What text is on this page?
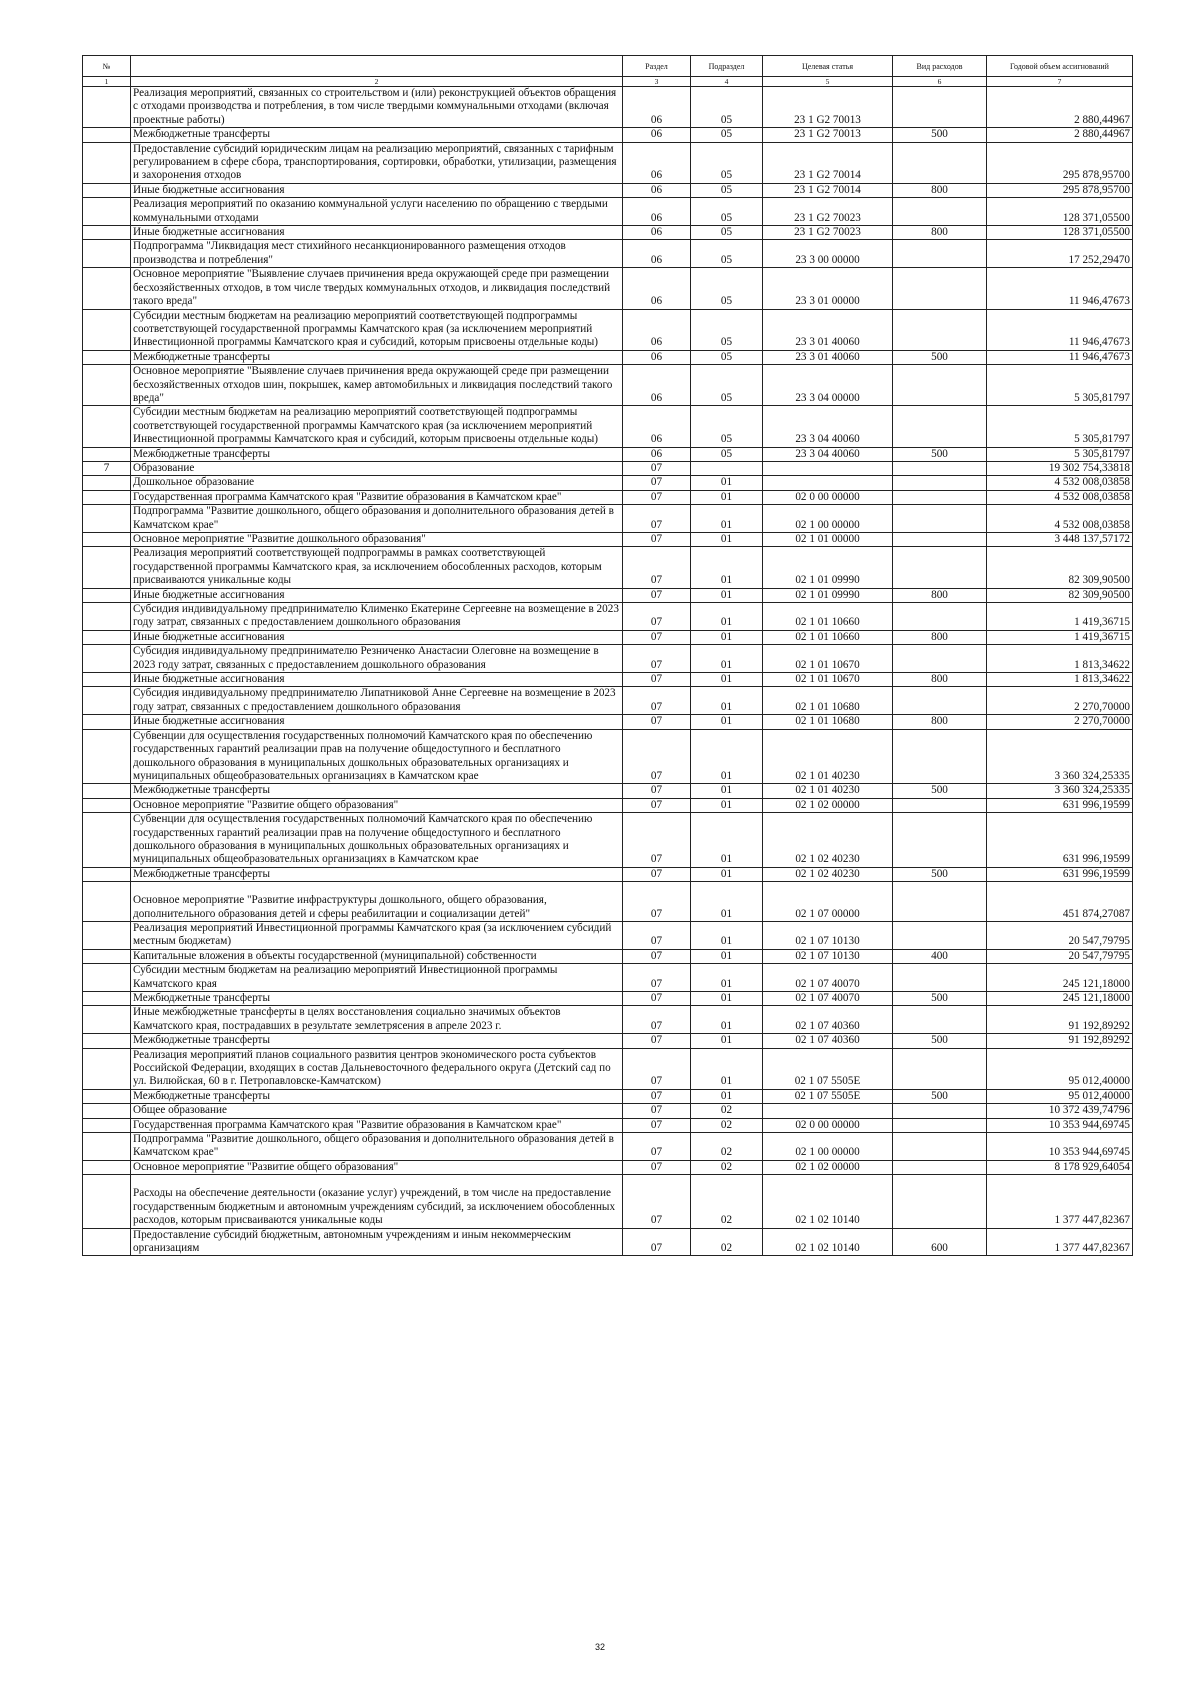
№		Раздел	Подраздел	Целевая статья	Вид расходов	Годовой объем ассигнований
1	2	3	4	5	6	7
	Реализация мероприятий, связанных со строительством и (или) реконструкцией объектов обращения с отходами производства и потребления, в том числе твердыми коммунальными отходами (включая проектные работы)	06	05	23 1 G2 70013		2 880,44967
	Межбюджетные трансферты	06	05	23 1 G2 70013	500	2 880,44967
	Предоставление субсидий юридическим лицам на реализацию мероприятий, связанных с тарифным регулированием в сфере сбора, транспортирования, сортировки, обработки, утилизации, размещения и захоронения отходов	06	05	23 1 G2 70014		295 878,95700
	Иные бюджетные ассигнования	06	05	23 1 G2 70014	800	295 878,95700
	Реализация мероприятий по оказанию коммунальной услуги населению по обращению с твердыми коммунальными отходами	06	05	23 1 G2 70023		128 371,05500
	Иные бюджетные ассигнования	06	05	23 1 G2 70023	800	128 371,05500
	Подпрограмма "Ликвидация мест стихийного несанкционированного размещения отходов производства и потребления"	06	05	23 3 00 00000		17 252,29470
	Основное мероприятие "Выявление случаев причинения вреда окружающей среде при размещении бесхозяйственных отходов, в том числе твердых коммунальных отходов, и ликвидация последствий такого вреда"	06	05	23 3 01 00000		11 946,47673
	Субсидии местным бюджетам на реализацию мероприятий соответствующей подпрограммы соответствующей государственной программы Камчатского края (за исключением мероприятий Инвестиционной программы Камчатского края и субсидий, которым присвоены отдельные коды)	06	05	23 3 01 40060		11 946,47673
	Межбюджетные трансферты	06	05	23 3 01 40060	500	11 946,47673
	Основное мероприятие "Выявление случаев причинения вреда окружающей среде при размещении бесхозяйственных отходов шин, покрышек, камер автомобильных и ликвидация последствий такого вреда"	06	05	23 3 04 00000		5 305,81797
	Субсидии местным бюджетам на реализацию мероприятий соответствующей подпрограммы соответствующей государственной программы Камчатского края (за исключением мероприятий Инвестиционной программы Камчатского края и субсидий, которым присвоены отдельные коды)	06	05	23 3 04 40060		5 305,81797
	Межбюджетные трансферты	06	05	23 3 04 40060	500	5 305,81797
7	Образование	07				19 302 754,33818
	Дошкольное образование	07	01			4 532 008,03858
	Государственная программа Камчатского края "Развитие образования в Камчатском крае"	07	01	02 0 00 00000		4 532 008,03858
	Подпрограмма "Развитие дошкольного, общего образования и дополнительного образования детей в Камчатском крае"	07	01	02 1 00 00000		4 532 008,03858
	Основное мероприятие "Развитие дошкольного образования"	07	01	02 1 01 00000		3 448 137,57172
	Реализация мероприятий соответствующей подпрограммы в рамках соответствующей государственной программы Камчатского края, за исключением обособленных расходов, которым присваиваются уникальные коды	07	01	02 1 01 09990		82 309,90500
	Иные бюджетные ассигнования	07	01	02 1 01 09990	800	82 309,90500
	Субсидия индивидуальному предпринимателю Клименко Екатерине Сергеевне на возмещение в 2023 году затрат, связанных с предоставлением дошкольного образования	07	01	02 1 01 10660		1 419,36715
	Иные бюджетные ассигнования	07	01	02 1 01 10660	800	1 419,36715
	Субсидия индивидуальному предпринимателю Резниченко Анастасии Олеговне на возмещение в 2023 году затрат, связанных с предоставлением дошкольного образования	07	01	02 1 01 10670		1 813,34622
	Иные бюджетные ассигнования	07	01	02 1 01 10670	800	1 813,34622
	Субсидия индивидуальному предпринимателю Липатниковой Анне Сергеевне на возмещение в 2023 году затрат, связанных с предоставлением дошкольного образования	07	01	02 1 01 10680		2 270,70000
	Иные бюджетные ассигнования	07	01	02 1 01 10680	800	2 270,70000
	Субвенции для осуществления государственных полномочий Камчатского края по обеспечению государственных гарантий реализации прав на получение общедоступного и бесплатного дошкольного образования в муниципальных дошкольных образовательных организациях и муниципальных общеобразовательных организациях в Камчатском крае	07	01	02 1 01 40230		3 360 324,25335
	Межбюджетные трансферты	07	01	02 1 01 40230	500	3 360 324,25335
	Основное мероприятие "Развитие общего образования"	07	01	02 1 02 00000		631 996,19599
	Субвенции для осуществления государственных полномочий Камчатского края по обеспечению государственных гарантий реализации прав на получение общедоступного и бесплатного дошкольного образования в муниципальных дошкольных образовательных организациях и муниципальных общеобразовательных организациях в Камчатском крае	07	01	02 1 02 40230		631 996,19599
	Межбюджетные трансферты	07	01	02 1 02 40230	500	631 996,19599
	Основное мероприятие "Развитие инфраструктуры дошкольного, общего образования, дополнительного образования детей и сферы реабилитации и социализации детей"	07	01	02 1 07 00000		451 874,27087
	Реализация мероприятий Инвестиционной программы Камчатского края (за исключением субсидий местным бюджетам)	07	01	02 1 07 10130		20 547,79795
	Капитальные вложения в объекты государственной (муниципальной) собственности	07	01	02 1 07 10130	400	20 547,79795
	Субсидии местным бюджетам на реализацию мероприятий Инвестиционной программы Камчатского края	07	01	02 1 07 40070		245 121,18000
	Межбюджетные трансферты	07	01	02 1 07 40070	500	245 121,18000
	Иные межбюджетные трансферты в целях восстановления социально значимых объектов Камчатского края, пострадавших в результате землетрясения в апреле 2023 г.	07	01	02 1 07 40360		91 192,89292
	Межбюджетные трансферты	07	01	02 1 07 40360	500	91 192,89292
	Реализация мероприятий планов социального развития центров экономического роста субъектов Российской Федерации, входящих в состав Дальневосточного федерального округа (Детский сад по ул. Вилюйская, 60 в г. Петропавловске-Камчатском)	07	01	02 1 07 5505E		95 012,40000
	Межбюджетные трансферты	07	01	02 1 07 5505E	500	95 012,40000
	Общее образование	07	02			10 372 439,74796
	Государственная программа Камчатского края "Развитие образования в Камчатском крае"	07	02	02 0 00 00000		10 353 944,69745
	Подпрограмма "Развитие дошкольного, общего образования и дополнительного образования детей в Камчатском крае"	07	02	02 1 00 00000		10 353 944,69745
	Основное мероприятие "Развитие общего образования"	07	02	02 1 02 00000		8 178 929,64054
	Расходы на обеспечение деятельности (оказание услуг) учреждений, в том числе на предоставление государственным бюджетным и автономным учреждениям субсидий, за исключением обособленных расходов, которым присваиваются уникальные коды	07	02	02 1 02 10140		1 377 447,82367
	Предоставление субсидий бюджетным, автономным учреждениям и иным некоммерческим организациям	07	02	02 1 02 10140	600	1 377 447,82367
32
